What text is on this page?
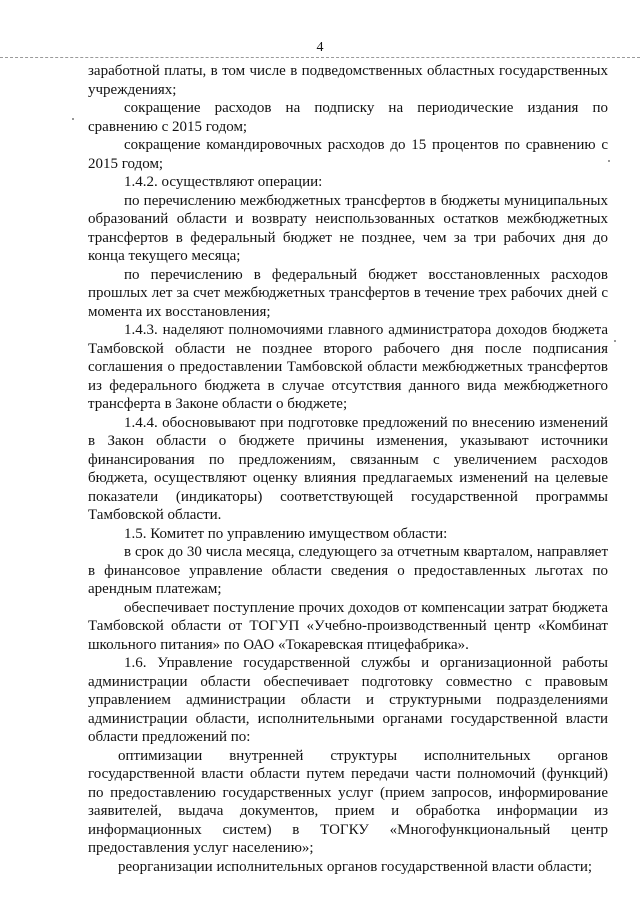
4

заработной платы, в том числе в подведомственных областных государственных учреждениях;

сокращение расходов на подписку на периодические издания по сравнению с 2015 годом;

сокращение командировочных расходов до 15 процентов по сравнению с 2015 годом;

1.4.2. осуществляют операции:

по перечислению межбюджетных трансфертов в бюджеты муниципальных образований области и возврату неиспользованных остатков межбюджетных трансфертов в федеральный бюджет не позднее, чем за три рабочих дня до конца текущего месяца;

по перечислению в федеральный бюджет восстановленных расходов прошлых лет за счет межбюджетных трансфертов в течение трех рабочих дней с момента их восстановления;

1.4.3. наделяют полномочиями главного администратора доходов бюджета Тамбовской области не позднее второго рабочего дня после подписания соглашения о предоставлении Тамбовской области межбюджетных трансфертов из федерального бюджета в случае отсутствия данного вида межбюджетного трансферта в Законе области о бюджете;

1.4.4. обосновывают при подготовке предложений по внесению изменений в Закон области о бюджете причины изменения, указывают источники финансирования по предложениям, связанным с увеличением расходов бюджета, осуществляют оценку влияния предлагаемых изменений на целевые показатели (индикаторы) соответствующей государственной программы Тамбовской области.

1.5. Комитет по управлению имуществом области:

в срок до 30 числа месяца, следующего за отчетным кварталом, направляет в финансовое управление области сведения о предоставленных льготах по арендным платежам;

обеспечивает поступление прочих доходов от компенсации затрат бюджета Тамбовской области от ТОГУП «Учебно-производственный центр «Комбинат школьного питания» по ОАО «Токаревская птицефабрика».

1.6. Управление государственной службы и организационной работы администрации области обеспечивает подготовку совместно с правовым управлением администрации области и структурными подразделениями администрации области, исполнительными органами государственной власти области предложений по:

оптимизации внутренней структуры исполнительных органов государственной власти области путем передачи части полномочий (функций) по предоставлению государственных услуг (прием запросов, информирование заявителей, выдача документов, прием и обработка информации из информационных систем) в ТОГКУ «Многофункциональный центр предоставления услуг населению»;

реорганизации исполнительных органов государственной власти области;
